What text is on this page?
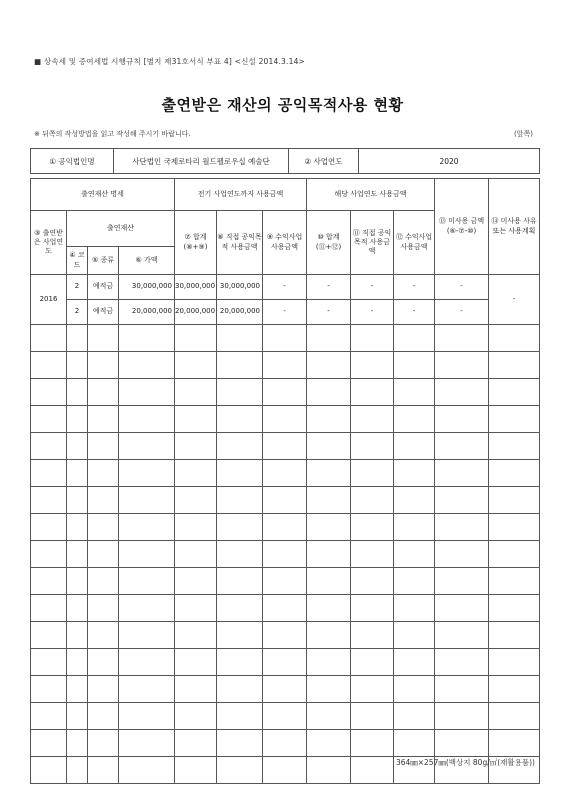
■ 상속세 및 증여세법 시행규칙 [별지 제31호서식 부표 4] <신설 2014.3.14>
출연받은 재산의 공익목적사용 현황
※ 뒤쪽의 작성방법을 읽고 작성해 주시기 바랍니다.	(앞쪽)
① 공익법인명	사단법인 국제로타리 월드펠로우십 예술단	② 사업연도	2020
출연재산 명세				전기 사업연도까지 사용금액			해당 사업연도 사용금액			⑬ 미사용 금액 (⑥-⑦-⑩)	⑭ 미사용 사유 또는 사용계획
③ 출연받은 사업연도	출연재산			⑦ 합계 (⑧+⑨)	⑧ 직접 공익목적 사용금액	⑨ 수익사업 사용금액	⑩ 합계 (⑪+⑫)	⑪ 직접 공익목적 사용금액	⑫ 수익사업 사용금액		
	④ 코드	⑤ 종류	⑥ 가액								
2016	2	예적금	30,000,000	30,000,000	30,000,000	-	-	-	-	-	-
	2	예적금	20,000,000	20,000,000	20,000,000	-	-	-	-	-	

364㎜×257㎜(백상지 80g/㎡(재활용품))
